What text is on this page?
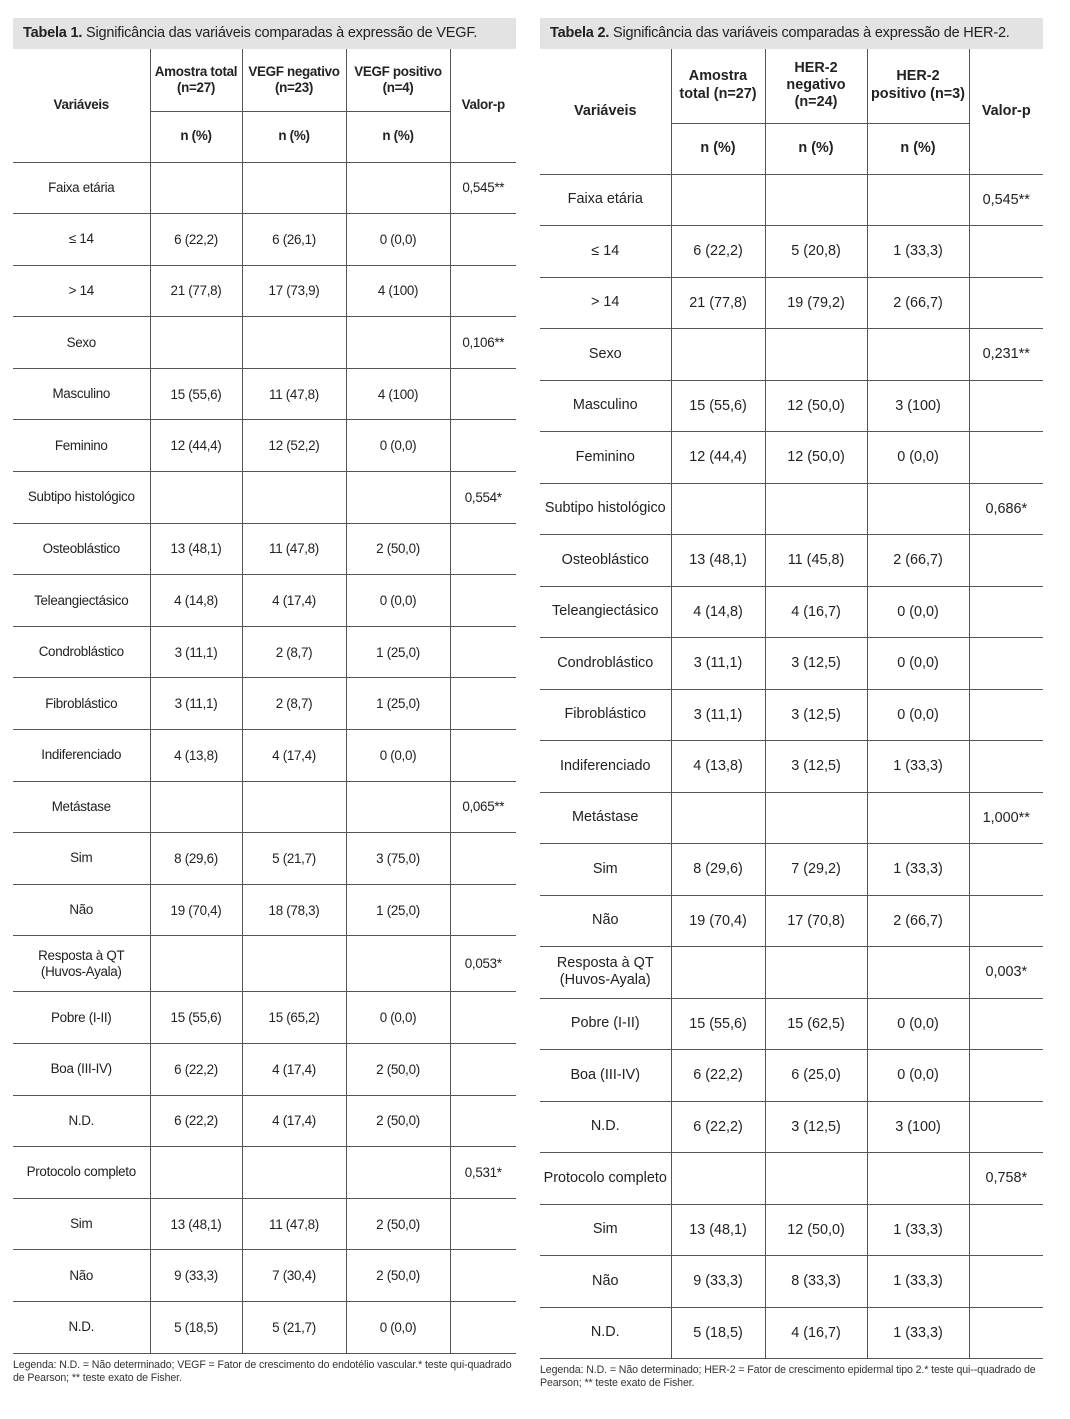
Tabela 1. Significância das variáveis comparadas à expressão de VEGF.
Variáveis	Amostra total (n=27)	VEGF negativo (n=23)	VEGF positivo (n=4)	Valor-p
	n (%)	n (%)	n (%)	
Faixa etária				0,545**
≤ 14	6 (22,2)	6 (26,1)	0 (0,0)	
> 14	21 (77,8)	17 (73,9)	4 (100)	
Sexo				0,106**
Masculino	15 (55,6)	11 (47,8)	4 (100)	
Feminino	12 (44,4)	12 (52,2)	0 (0,0)	
Subtipo histológico				0,554*
Osteoblástico	13 (48,1)	11 (47,8)	2 (50,0)	
Teleangiectásico	4 (14,8)	4 (17,4)	0 (0,0)	
Condroblástico	3 (11,1)	2 (8,7)	1 (25,0)	
Fibroblástico	3 (11,1)	2 (8,7)	1 (25,0)	
Indiferenciado	4 (13,8)	4 (17,4)	0 (0,0)	
Metástase				0,065**
Sim	8 (29,6)	5 (21,7)	3 (75,0)	
Não	19 (70,4)	18 (78,3)	1 (25,0)	
Resposta à QT (Huvos-Ayala)				0,053*
Pobre (I-II)	15 (55,6)	15 (65,2)	0 (0,0)	
Boa (III-IV)	6 (22,2)	4 (17,4)	2 (50,0)	
N.D.	6 (22,2)	4 (17,4)	2 (50,0)	
Protocolo completo				0,531*
Sim	13 (48,1)	11 (47,8)	2 (50,0)	
Não	9 (33,3)	7 (30,4)	2 (50,0)	
N.D.	5 (18,5)	5 (21,7)	0 (0,0)	
Legenda: N.D. = Não determinado; VEGF = Fator de crescimento do endotélio vascular.* teste qui-quadrado de Pearson; ** teste exato de Fisher.
Tabela 2. Significância das variáveis comparadas à expressão de HER-2.
Variáveis	Amostra total (n=27)	HER-2 negativo (n=24)	HER-2 positivo (n=3)	Valor-p
	n (%)	n (%)	n (%)	
Faixa etária				0,545**
≤ 14	6 (22,2)	5 (20,8)	1 (33,3)	
> 14	21 (77,8)	19 (79,2)	2 (66,7)	
Sexo				0,231**
Masculino	15 (55,6)	12 (50,0)	3 (100)	
Feminino	12 (44,4)	12 (50,0)	0 (0,0)	
Subtipo histológico				0,686*
Osteoblástico	13 (48,1)	11 (45,8)	2 (66,7)	
Teleangiectásico	4 (14,8)	4 (16,7)	0 (0,0)	
Condroblástico	3 (11,1)	3 (12,5)	0 (0,0)	
Fibroblástico	3 (11,1)	3 (12,5)	0 (0,0)	
Indiferenciado	4 (13,8)	3 (12,5)	1 (33,3)	
Metástase				1,000**
Sim	8 (29,6)	7 (29,2)	1 (33,3)	
Não	19 (70,4)	17 (70,8)	2 (66,7)	
Resposta à QT (Huvos-Ayala)				0,003*
Pobre (I-II)	15 (55,6)	15 (62,5)	0 (0,0)	
Boa (III-IV)	6 (22,2)	6 (25,0)	0 (0,0)	
N.D.	6 (22,2)	3 (12,5)	3 (100)	
Protocolo completo				0,758*
Sim	13 (48,1)	12 (50,0)	1 (33,3)	
Não	9 (33,3)	8 (33,3)	1 (33,3)	
N.D.	5 (18,5)	4 (16,7)	1 (33,3)	
Legenda: N.D. = Não determinado; HER-2 = Fator de crescimento epidermal tipo 2.* teste qui--quadrado de Pearson; ** teste exato de Fisher.
